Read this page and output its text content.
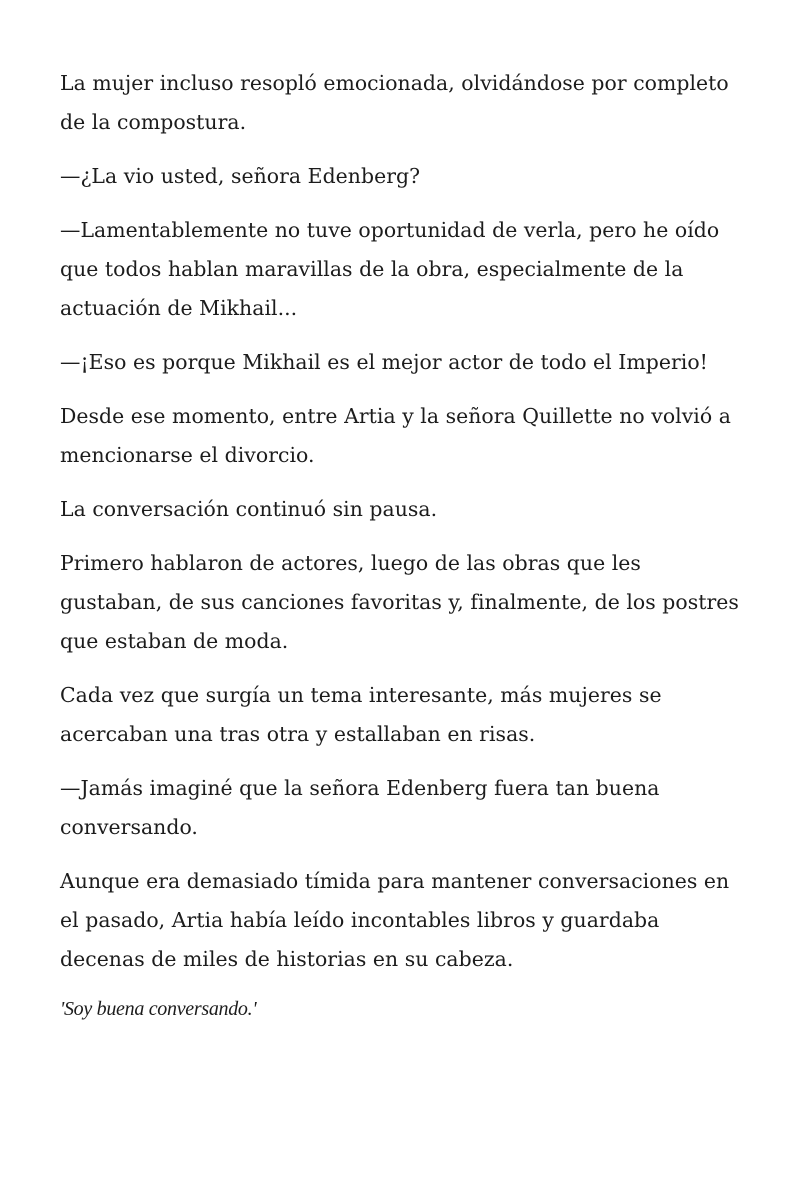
La mujer incluso resopló emocionada, olvidándose por completo de la compostura.

—¿La vio usted, señora Edenberg?

—Lamentablemente no tuve oportunidad de verla, pero he oído que todos hablan maravillas de la obra, especialmente de la actuación de Mikhail...

—¡Eso es porque Mikhail es el mejor actor de todo el Imperio!

Desde ese momento, entre Artia y la señora Quillette no volvió a mencionarse el divorcio.

La conversación continuó sin pausa.

Primero hablaron de actores, luego de las obras que les gustaban, de sus canciones favoritas y, finalmente, de los postres que estaban de moda.

Cada vez que surgía un tema interesante, más mujeres se acercaban una tras otra y estallaban en risas.

—Jamás imaginé que la señora Edenberg fuera tan buena conversando.

Aunque era demasiado tímida para mantener conversaciones en el pasado, Artia había leído incontables libros y guardaba decenas de miles de historias en su cabeza.

'Soy buena conversando.'
